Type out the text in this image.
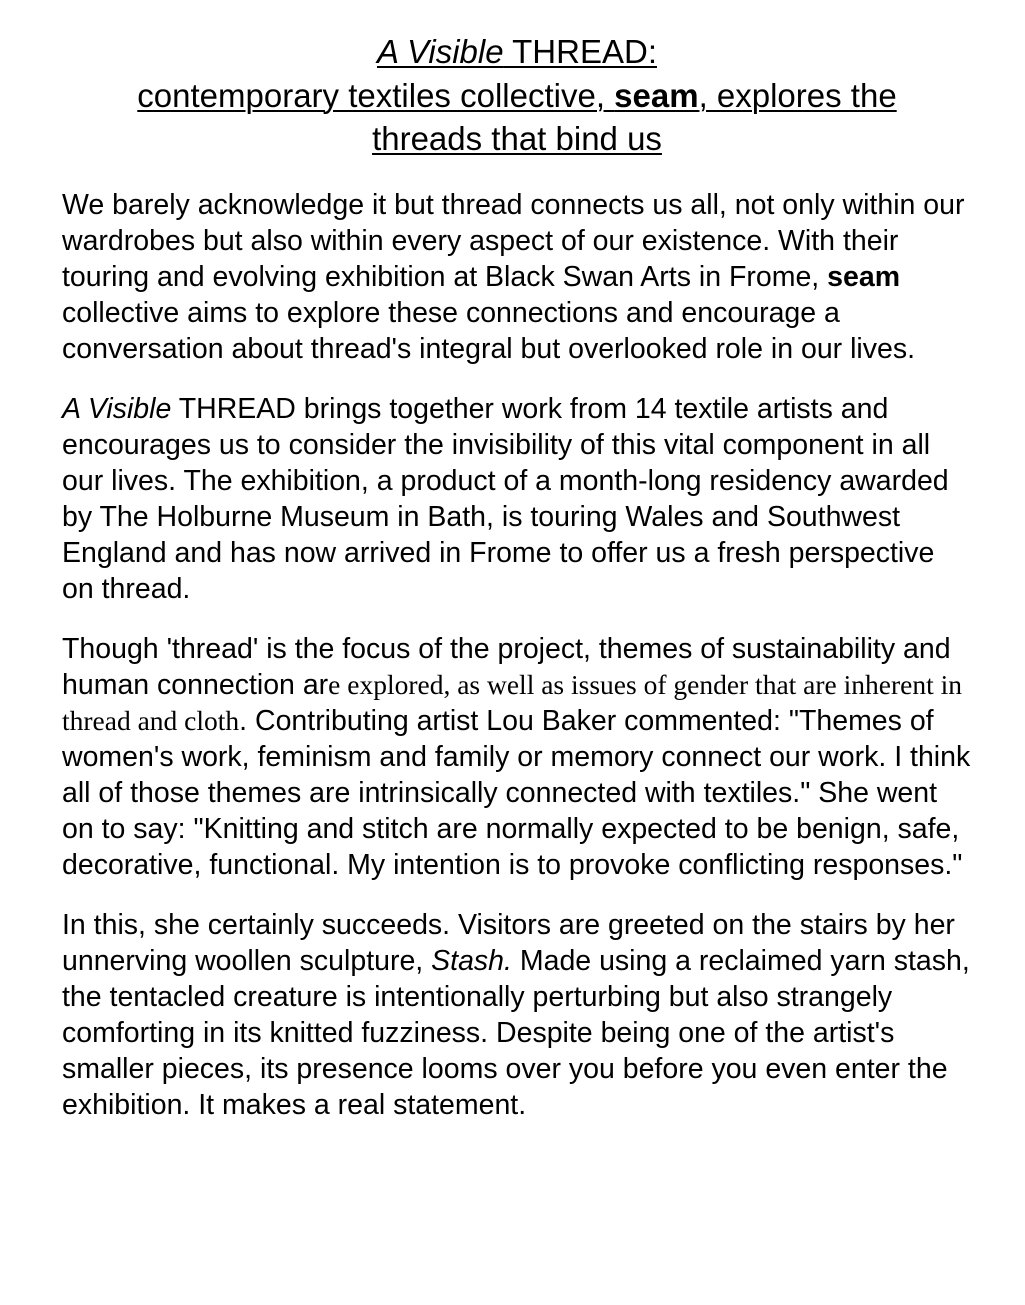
A Visible THREAD:
contemporary textiles collective, seam, explores the
threads that bind us

We barely acknowledge it but thread connects us all, not only within our wardrobes but also within every aspect of our existence. With their touring and evolving exhibition at Black Swan Arts in Frome, seam collective aims to explore these connections and encourage a conversation about thread's integral but overlooked role in our lives.

A Visible THREAD brings together work from 14 textile artists and encourages us to consider the invisibility of this vital component in all our lives. The exhibition, a product of a month-long residency awarded by The Holburne Museum in Bath, is touring Wales and Southwest England and has now arrived in Frome to offer us a fresh perspective on thread.

Though 'thread' is the focus of the project, themes of sustainability and human connection are explored, as well as issues of gender that are inherent in thread and cloth. Contributing artist Lou Baker commented: "Themes of women's work, feminism and family or memory connect our work. I think all of those themes are intrinsically connected with textiles." She went on to say: "Knitting and stitch are normally expected to be benign, safe, decorative, functional. My intention is to provoke conflicting responses."

In this, she certainly succeeds. Visitors are greeted on the stairs by her unnerving woollen sculpture, Stash. Made using a reclaimed yarn stash, the tentacled creature is intentionally perturbing but also strangely comforting in its knitted fuzziness. Despite being one of the artist's smaller pieces, its presence looms over you before you even enter the exhibition. It makes a real statement.
